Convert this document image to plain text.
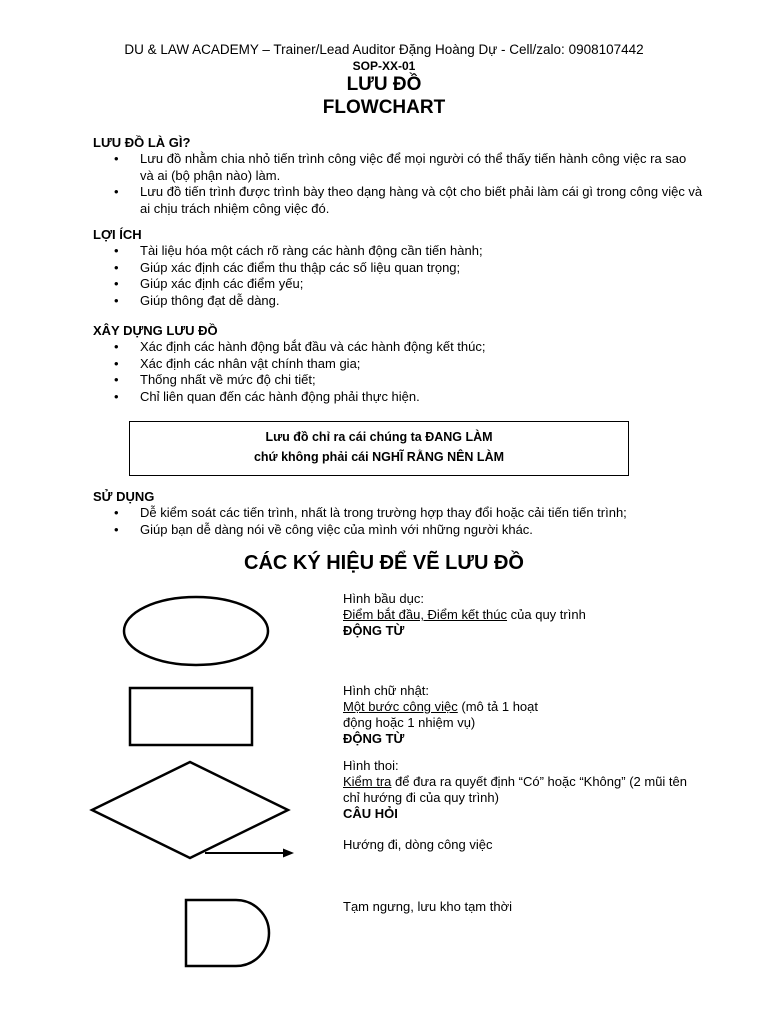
DU & LAW ACADEMY – Trainer/Lead Auditor Đặng Hoàng Dự - Cell/zalo: 0908107442
SOP-XX-01
LƯU ĐỒ
FLOWCHART
LƯU ĐỒ LÀ GÌ?
• Lưu đồ nhằm chia nhỏ tiến trình công việc để mọi người có thể thấy tiến hành công việc ra sao và ai (bộ phận nào) làm.
• Lưu đồ tiến trình được trình bày theo dạng hàng và cột cho biết phải làm cái gì trong công việc và ai chịu trách nhiệm công việc đó.
LỢI ÍCH
• Tài liệu hóa một cách rõ ràng các hành động cần tiến hành;
• Giúp xác định các điểm thu thập các số liệu quan trọng;
• Giúp xác định các điểm yếu;
• Giúp thông đạt dễ dàng.
XÂY DỰNG LƯU ĐỒ
• Xác định các hành động bắt đầu và các hành động kết thúc;
• Xác định các nhân vật chính tham gia;
• Thống nhất về mức độ chi tiết;
• Chỉ liên quan đến các hành động phải thực hiện.
Lưu đồ chỉ ra cái chúng ta ĐANG LÀM
chứ không phải cái NGHĨ RẰNG NÊN LÀM
SỬ DỤNG
• Dễ kiểm soát các tiến trình, nhất là trong trường hợp thay đổi hoặc cải tiến tiến trình;
• Giúp bạn dễ dàng nói về công việc của mình với những người khác.
CÁC KÝ HIỆU ĐỂ VẼ LƯU ĐỒ
Hình bầu dục:
Điểm bắt đầu, Điểm kết thúc của quy trình
ĐỘNG TỪ
Hình chữ nhật:
Một bước công việc (mô tả 1 hoạt động hoặc 1 nhiệm vụ)
ĐỘNG TỪ
Hình thoi:
Kiểm tra để đưa ra quyết định “Có” hoặc “Không” (2 mũi tên chỉ hướng đi của quy trình)
CÂU HỎI
Hướng đi, dòng công việc
Tạm ngưng, lưu kho tạm thời
